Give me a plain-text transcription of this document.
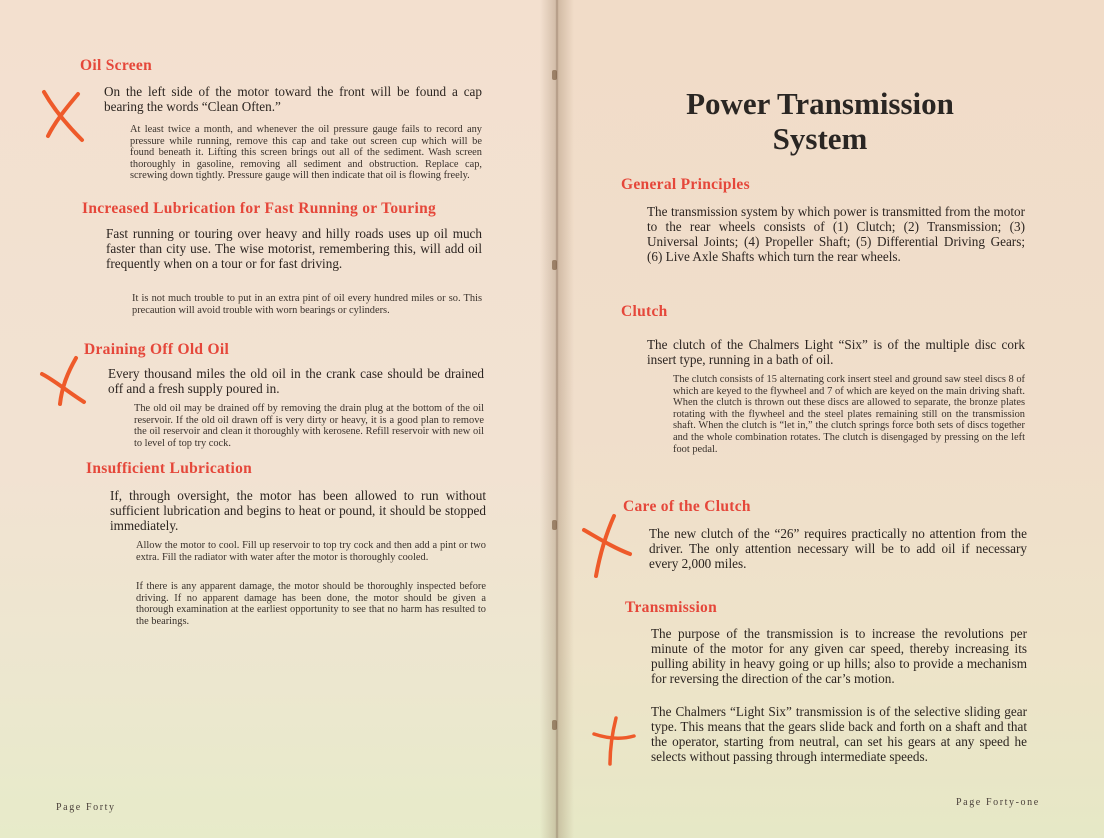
Oil Screen

On the left side of the motor toward the front will be found a cap bearing the words “Clean Often.”

At least twice a month, and whenever the oil pressure gauge fails to record any pressure while running, remove this cap and take out screen cup which will be found beneath it. Lifting this screen brings out all of the sediment. Wash screen thoroughly in gasoline, removing all sediment and obstruction. Replace cap, screwing down tightly. Pressure gauge will then indicate that oil is flowing freely.

Increased Lubrication for Fast Running or Touring

Fast running or touring over heavy and hilly roads uses up oil much faster than city use. The wise motorist, remembering this, will add oil frequently when on a tour or for fast driving.

It is not much trouble to put in an extra pint of oil every hundred miles or so. This precaution will avoid trouble with worn bearings or cylinders.

Draining Off Old Oil

Every thousand miles the old oil in the crank case should be drained off and a fresh supply poured in.

The old oil may be drained off by removing the drain plug at the bottom of the oil reservoir. If the old oil drawn off is very dirty or heavy, it is a good plan to remove the oil reservoir and clean it thoroughly with kerosene. Refill reservoir with new oil to level of top try cock.

Insufficient Lubrication

If, through oversight, the motor has been allowed to run without sufficient lubrication and begins to heat or pound, it should be stopped immediately.

Allow the motor to cool. Fill up reservoir to top try cock and then add a pint or two extra. Fill the radiator with water after the motor is thoroughly cooled.

If there is any apparent damage, the motor should be thoroughly inspected before driving. If no apparent damage has been done, the motor should be given a thorough examination at the earliest opportunity to see that no harm has resulted to the bearings.

Page Forty
Power Transmission
System
General Principles

The transmission system by which power is transmitted from the motor to the rear wheels consists of (1) Clutch; (2) Transmission; (3) Universal Joints; (4) Propeller Shaft; (5) Differential Driving Gears; (6) Live Axle Shafts which turn the rear wheels.

Clutch

The clutch of the Chalmers Light “Six” is of the multiple disc cork insert type, running in a bath of oil.

The clutch consists of 15 alternating cork insert steel and ground saw steel discs 8 of which are keyed to the flywheel and 7 of which are keyed on the main driving shaft. When the clutch is thrown out these discs are allowed to separate, the bronze plates rotating with the flywheel and the steel plates remaining still on the transmission shaft. When the clutch is “let in,” the clutch springs force both sets of discs together and the whole combination rotates. The clutch is disengaged by pressing on the left foot pedal.

Care of the Clutch

The new clutch of the “26” requires practically no attention from the driver. The only attention necessary will be to add oil if necessary every 2,000 miles.

Transmission

The purpose of the transmission is to increase the revolutions per minute of the motor for any given car speed, thereby increasing its pulling ability in heavy going or up hills; also to provide a mechanism for reversing the direction of the car’s motion.

The Chalmers “Light Six” transmission is of the selective sliding gear type. This means that the gears slide back and forth on a shaft and that the operator, starting from neutral, can set his gears at any speed he selects without passing through intermediate speeds.

Page Forty-one
